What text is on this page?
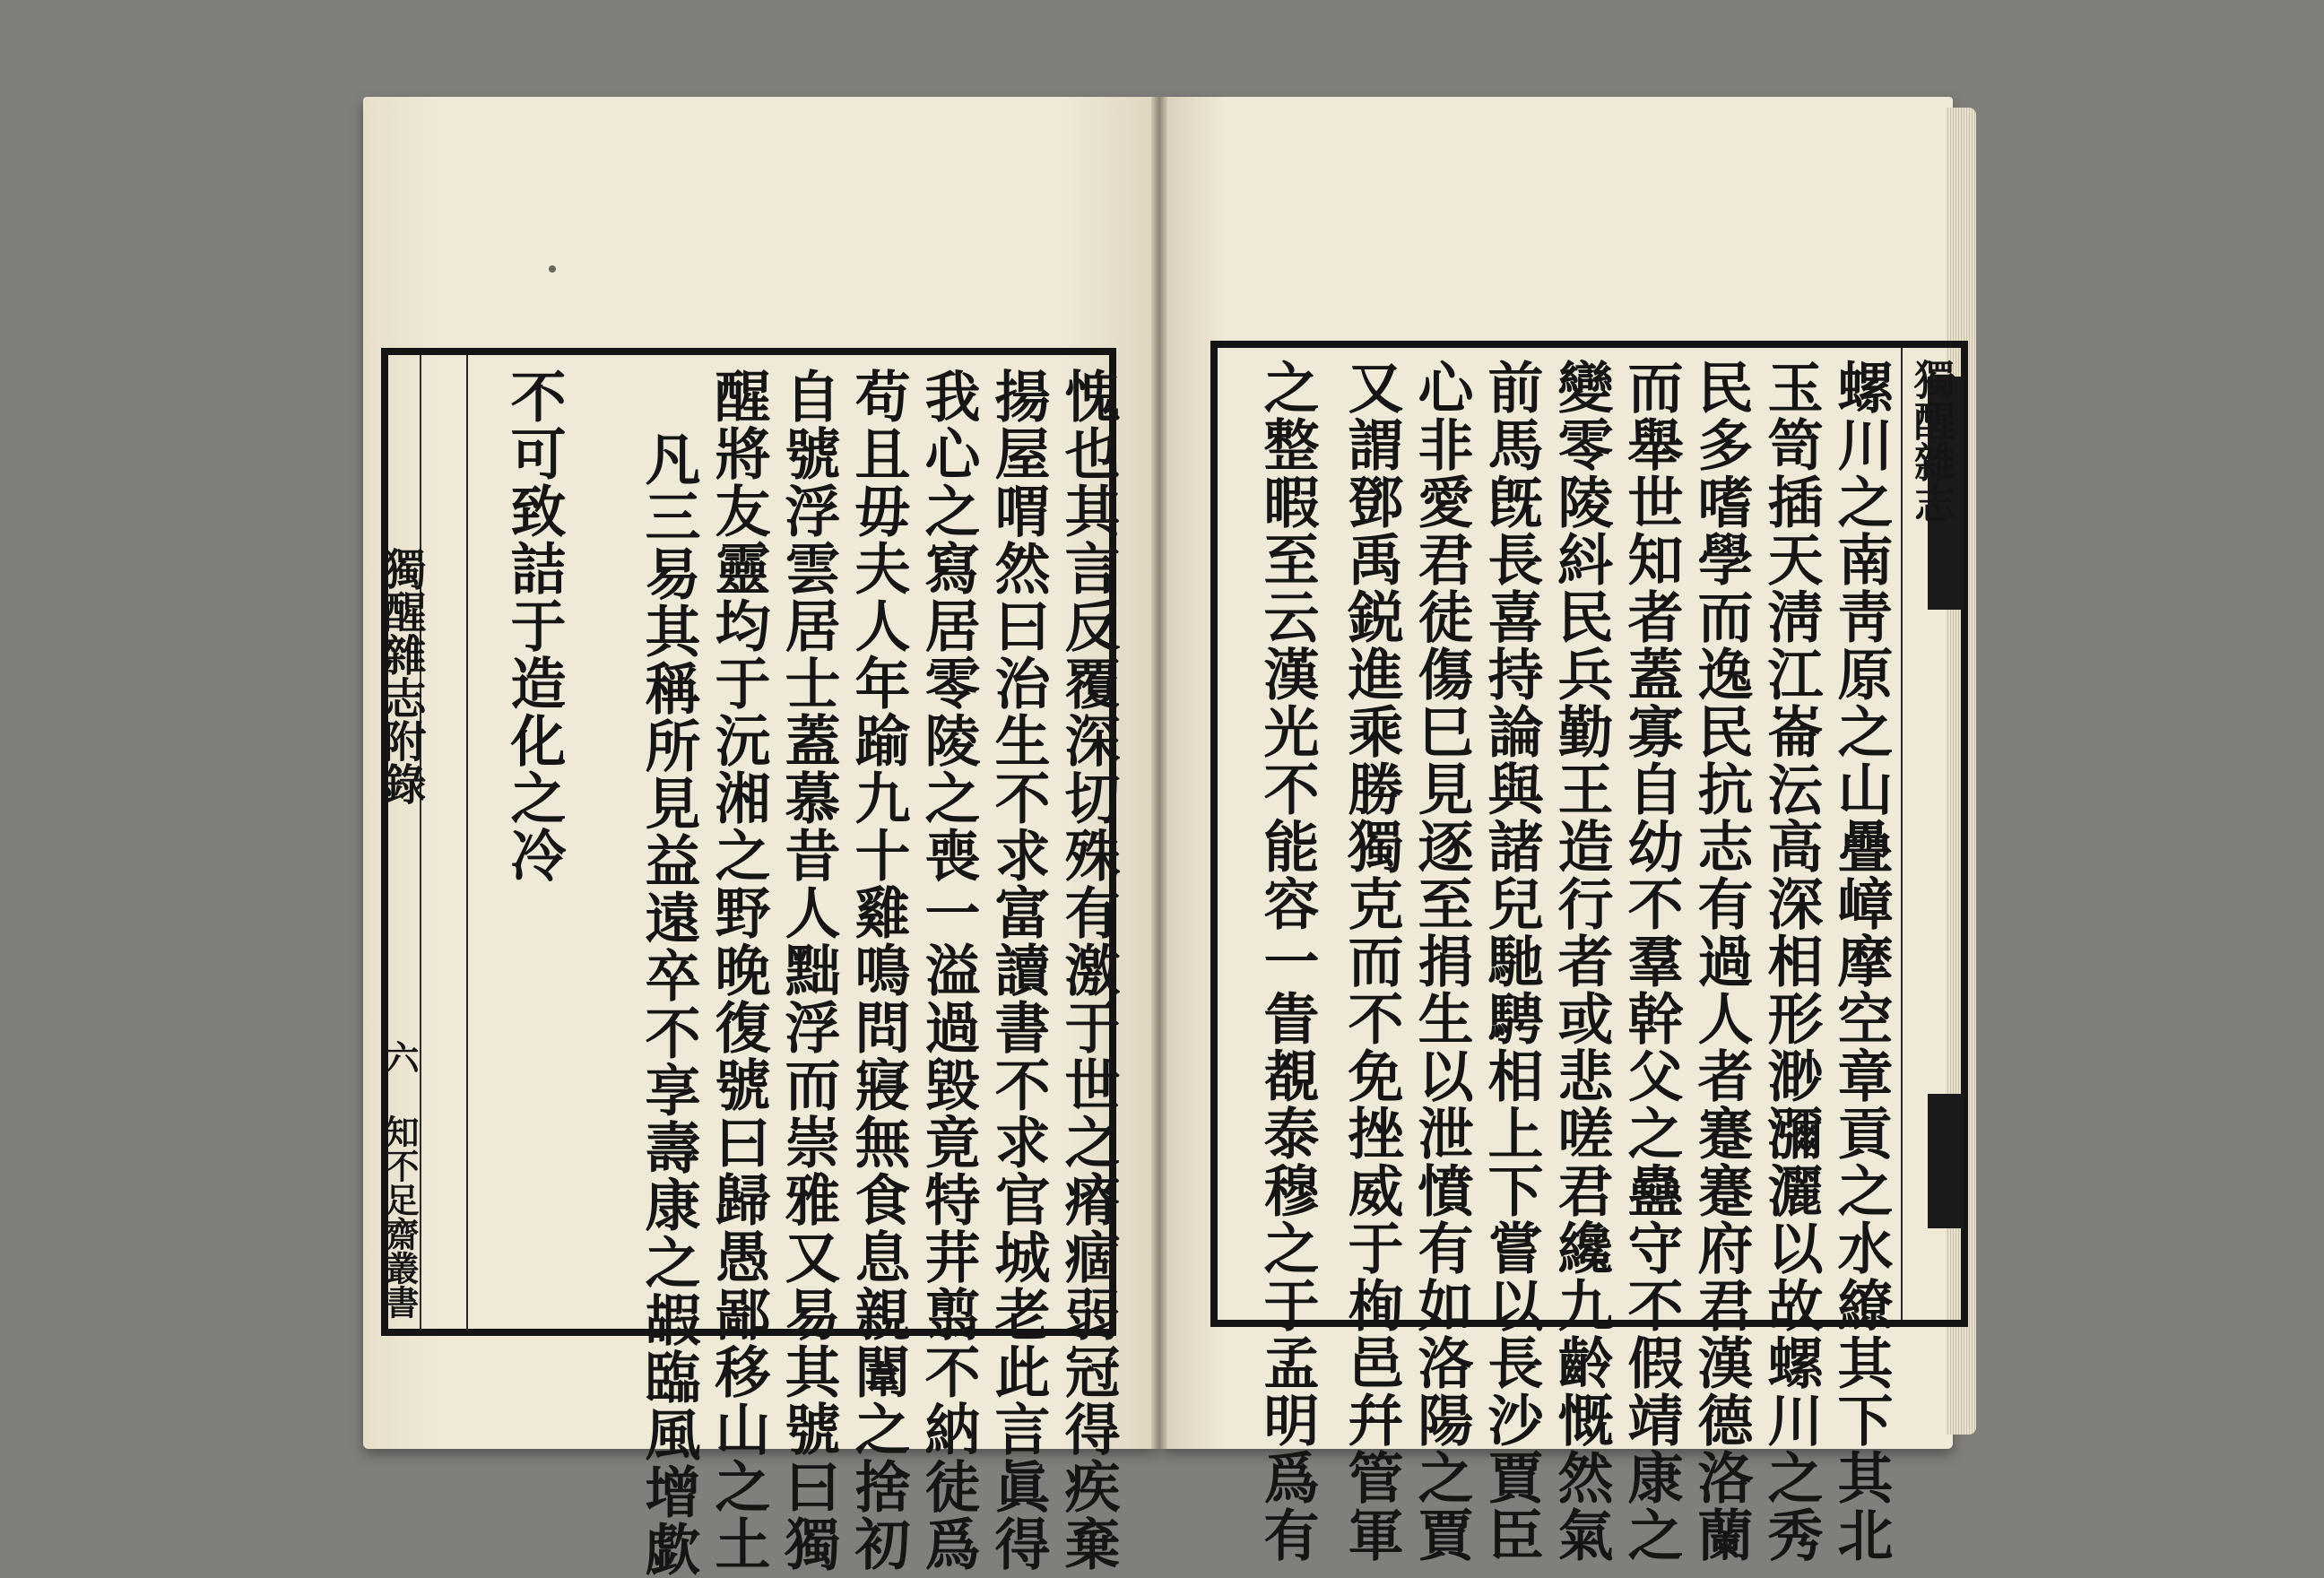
獨醒雜志附錄
六 知不足齋叢書	愧也其言反覆深切殊有激于世之瘠痼弱冠得疾棄
揚屋喟然曰治生不求富讀書不求官城老此言眞得
我心之寫居零陵之喪一溢過毀竟特茾翦不納徒爲
苟且毋夫人年踰九十雞鳴問寢無食息親闈之捨初
自號浮雲居士蓋慕昔人黜浮而崇雅又易其號曰獨
醒將友靈均于沅湘之野晚復號曰歸愚鄙移山之土
凡三易其稱所見益遠卒不享壽康之嘏臨風增歔
不可致詰于造化之冷	獨醒雜志
螺川之南靑原之山疊嶂摩空章貢之水繚其下其北
玉笥插天淸江崙沄高深相形渺瀰灑以故螺川之秀
民多嗜學而逸民抗志有過人者蹇蹇府君漢德洛蘭
而舉世知者蓋寡自幼不羣幹父之蠱守不假靖康之
變零陵紏民兵勤王造行者或悲嗟君纔九齡慨然氣
前馬旣長喜持論與諸兒馳騁相上下嘗以長沙賈臣
心非愛君徒傷巳見逐至捐生以泄憤有如洛陽之賈
又謂鄧禹鋭進乘勝獨克而不免挫威于栒邑幷管軍
之整暇至云漢光不能容一眚覩泰穆之于孟明爲有
